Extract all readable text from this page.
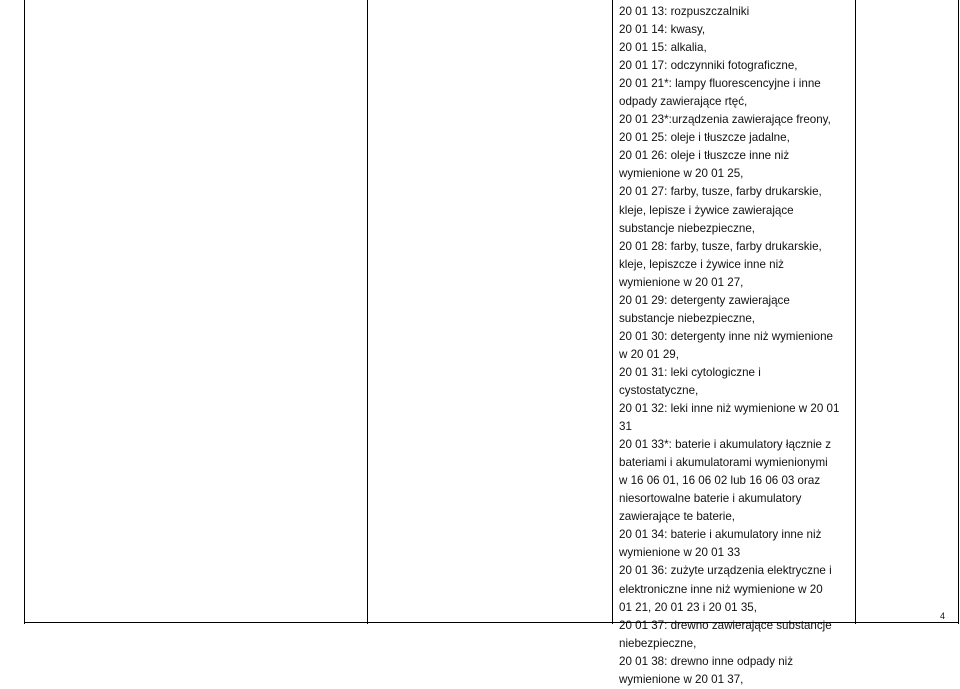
20 01 13: rozpuszczalniki
20 01 14: kwasy,
20 01 15: alkalia,
20 01 17: odczynniki fotograficzne,
20 01 21*: lampy fluorescencyjne i inne
odpady zawierające rtęć,
20 01 23*:urządzenia zawierające freony,
20 01 25: oleje i tłuszcze jadalne,
20 01 26: oleje i tłuszcze inne niż
wymienione w 20 01 25,
20 01 27: farby, tusze, farby drukarskie,
kleje, lepisze i żywice zawierające
substancje niebezpieczne,
20 01 28: farby, tusze, farby drukarskie,
kleje, lepiszcze i żywice inne niż
wymienione w 20 01 27,
20 01 29: detergenty zawierające
substancje niebezpieczne,
20 01 30: detergenty inne niż wymienione
w 20 01 29,
20 01 31: leki cytologiczne i
cystostatyczne,
20 01 32: leki inne niż wymienione w 20 01
31
20 01 33*: baterie i akumulatory łącznie z
bateriami i akumulatorami wymienionymi
w 16 06 01, 16 06 02 lub 16 06 03 oraz
niesortowalne baterie i akumulatory
zawierające te baterie,
20 01 34: baterie i akumulatory inne niż
wymienione w 20 01 33
20 01 36: zużyte urządzenia elektryczne i
elektroniczne inne niż wymienione w 20
01 21, 20 01 23 i 20 01 35,
20 01 37: drewno zawierające substancje
niebezpieczne,
20 01 38: drewno inne odpady niż
wymienione w 20 01 37,
4
